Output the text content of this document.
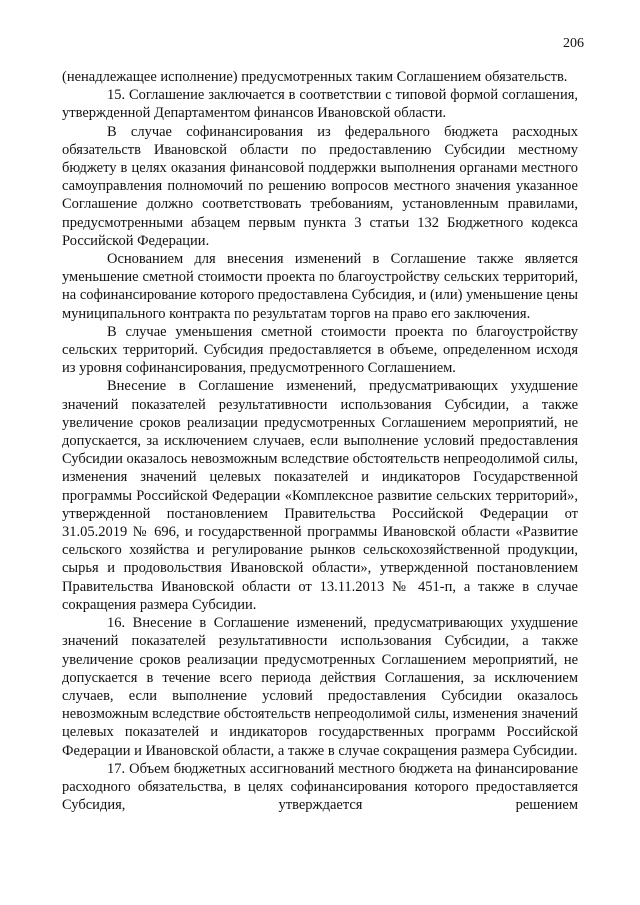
206

(ненадлежащее исполнение) предусмотренных таким Соглашением обязательств.

15. Соглашение заключается в соответствии с типовой формой соглашения, утвержденной Департаментом финансов Ивановской области.

В случае софинансирования из федерального бюджета расходных обязательств Ивановской области по предоставлению Субсидии местному бюджету в целях оказания финансовой поддержки выполнения органами местного самоуправления полномочий по решению вопросов местного значения указанное Соглашение должно соответствовать требованиям, установленным правилами, предусмотренными абзацем первым пункта 3 статьи 132 Бюджетного кодекса Российской Федерации.

Основанием для внесения изменений в Соглашение также является уменьшение сметной стоимости проекта по благоустройству сельских территорий, на софинансирование которого предоставлена Субсидия, и (или) уменьшение цены муниципального контракта по результатам торгов на право его заключения.

В случае уменьшения сметной стоимости проекта по благоустройству сельских территорий. Субсидия предоставляется в объеме, определенном исходя из уровня софинансирования, предусмотренного Соглашением.

Внесение в Соглашение изменений, предусматривающих ухудшение значений показателей результативности использования Субсидии, а также увеличение сроков реализации предусмотренных Соглашением мероприятий, не допускается, за исключением случаев, если выполнение условий предоставления Субсидии оказалось невозможным вследствие обстоятельств непреодолимой силы, изменения значений целевых показателей и индикаторов Государственной программы Российской Федерации «Комплексное развитие сельских территорий», утвержденной постановлением Правительства Российской Федерации от 31.05.2019 № 696, и государственной программы Ивановской области «Развитие сельского хозяйства и регулирование рынков сельскохозяйственной продукции, сырья и продовольствия Ивановской области», утвержденной постановлением Правительства Ивановской области от 13.11.2013 № 451-п, а также в случае сокращения размера Субсидии.

16. Внесение в Соглашение изменений, предусматривающих ухудшение значений показателей результативности использования Субсидии, а также увеличение сроков реализации предусмотренных Соглашением мероприятий, не допускается в течение всего периода действия Соглашения, за исключением случаев, если выполнение условий предоставления Субсидии оказалось невозможным вследствие обстоятельств непреодолимой силы, изменения значений целевых показателей и индикаторов государственных программ Российской Федерации и Ивановской области, а также в случае сокращения размера Субсидии.

17. Объем бюджетных ассигнований местного бюджета на финансирование расходного обязательства, в целях софинансирования которого предоставляется Субсидия, утверждается решением
